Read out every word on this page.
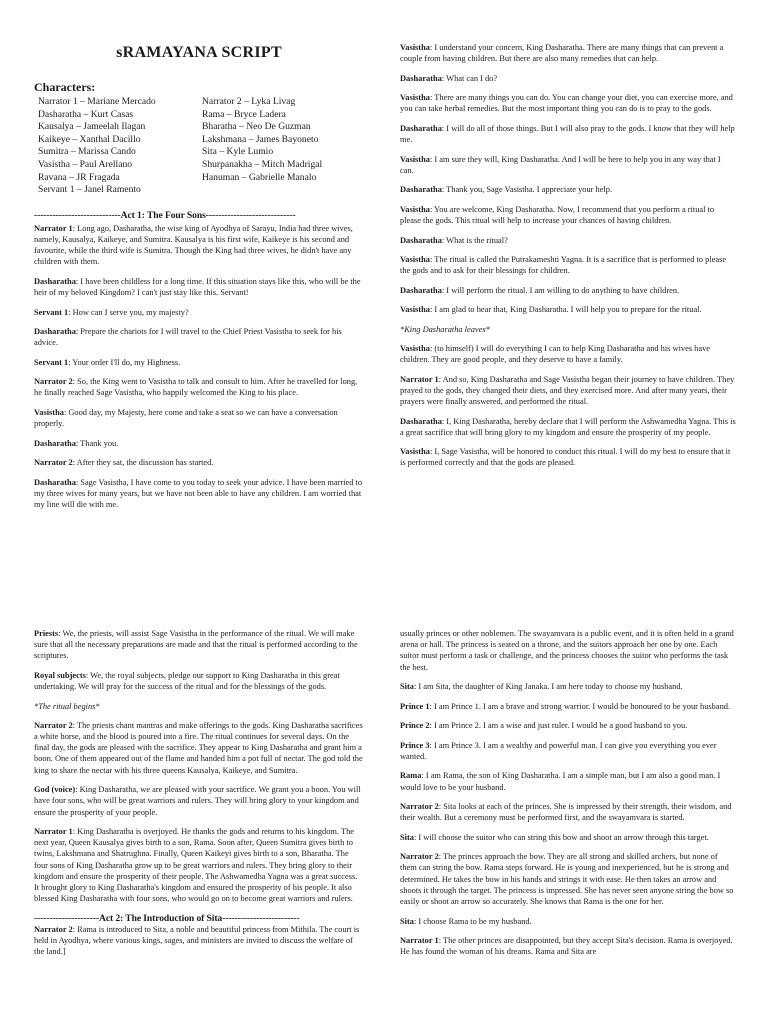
sRAMAYANA SCRIPT
Characters:
Narrator 1 – Mariane Mercado
Dasharatha – Kurt Casas
Kausalya – Jameelah Ilagan
Kaikeye – Xanthal Dacillo
Sumitra – Marissa Cando
Vasistha – Paul Arellano
Ravana – JR Fragada
Servant 1 – Janel Ramento
Narrator 2 – Lyka Livag
Rama – Bryce Ladera
Bharatha – Neo De Guzman
Lakshmana – James Bayoneto
Sita – Kyle Lumio
Shurpanakha – Mitch Madrigal
Hanuman – Gabrielle Manalo
----------------------------Act 1: The Four Sons-----------------------------

Narrator 1: Long ago, Dasharatha, the wise king of Ayodhya of Sarayu, India had three wives, namely, Kausalya, Kaikeye, and Sumitra. Kausalya is his first wife, Kaikeye is his second and favourite, while the third wife is Sumitra. Though the King had three wives, he didn't have any children with them.

Dasharatha: I have been childless for a long time. If this situation stays like this, who will be the heir of my beloved Kingdom? I can't just stay like this. Servant!

Servant 1: How can I serve you, my majesty?

Dasharatha: Prepare the chariots for I will travel to the Chief Priest Vasistha to seek for his advice.

Servant 1: Your order I'll do, my Highness.

Narrator 2: So, the King went to Vasistha to talk and consult to him. After he travelled for long, he finally reached Sage Vasistha, who happily welcomed the King to his place.

Vasistha: Good day, my Majesty, here come and take a seat so we can have a conversation properly.

Dasharatha: Thank you.

Narrator 2: After they sat, the discussion has started.

Dasharatha: Sage Vasistha, I have come to you today to seek your advice. I have been married to my three wives for many years, but we have not been able to have any children. I am worried that my line will die with me.

Vasistha: I understand your concern, King Dasharatha. There are many things that can prevent a couple from having children. But there are also many remedies that can help.

Dasharatha: What can I do?

Vasistha: There are many things you can do. You can change your diet, you can exercise more, and you can take herbal remedies. But the most important thing you can do is to pray to the gods.

Dasharatha: I will do all of those things. But I will also pray to the gods. I know that they will help me.

Vasistha: I am sure they will, King Dasharatha. And I will be here to help you in any way that I can.

Dasharatha: Thank you, Sage Vasistha. I appreciate your help.

Vasistha: You are welcome, King Dasharatha. Now, I recommend that you perform a ritual to please the gods. This ritual will help to increase your chances of having children.

Dasharatha: What is the ritual?

Vasistha: The ritual is called the Putrakameshti Yagna. It is a sacrifice that is performed to please the gods and to ask for their blessings for children.

Dasharatha: I will perform the ritual. I am willing to do anything to have children.

Vasistha: I am glad to hear that, King Dasharatha. I will help you to prepare for the ritual.

*King Dasharatha leaves*

Vasistha: (to himself) I will do everything I can to help King Dasharatha and his wives have children. They are good people, and they deserve to have a family.

Narrator 1: And so, King Dasharatha and Sage Vasistha began their journey to have children. They prayed to the gods, they changed their diets, and they exercised more. And after many years, their prayers were finally answered, and performed the ritual.

Dasharatha: I, King Dasharatha, hereby declare that I will perform the Ashwamedha Yagna. This is a great sacrifice that will bring glory to my kingdom and ensure the prosperity of my people.

Vasistha: I, Sage Vasistha, will be honored to conduct this ritual. I will do my best to ensure that it is performed correctly and that the gods are pleased.

Priests: We, the priests, will assist Sage Vasistha in the performance of the ritual. We will make sure that all the necessary preparations are made and that the ritual is performed according to the scriptures.

Royal subjects: We, the royal subjects, pledge our support to King Dasharatha in this great undertaking. We will pray for the success of the ritual and for the blessings of the gods.

*The ritual begins*

Narrator 2: The priests chant mantras and make offerings to the gods. King Dasharatha sacrifices a white horse, and the blood is poured into a fire. The ritual continues for several days. On the final day, the gods are pleased with the sacrifice. They appear to King Dasharatha and grant him a boon. One of them appeared out of the flame and handed him a pot full of nectar. The god told the king to share the nectar with his three queens Kausalya, Kaikeye, and Sumitra.

God (voice): King Dasharatha, we are pleased with your sacrifice. We grant you a boon. You will have four sons, who will be great warriors and rulers. They will bring glory to your kingdom and ensure the prosperity of your people.

Narrator 1: King Dasharatha is overjoyed. He thanks the gods and returns to his kingdom. The next year, Queen Kausalya gives birth to a son, Rama. Soon after, Queen Sumitra gives birth to twins, Lakshmana and Shatrughna. Finally, Queen Kaikeyi gives birth to a son, Bharatha. The four sons of King Dasharatha grow up to be great warriors and rulers. They bring glory to their kingdom and ensure the prosperity of their people. The Ashwamedha Yagna was a great success. It brought glory to King Dasharatha's kingdom and ensured the prosperity of his people. It also blessed King Dasharatha with four sons, who would go on to become great warriors and rulers.

---------------------Act 2: The Introduction of Sita-------------------------

Narrator 2: Rama is introduced to Sita, a noble and beautiful princess from Mithila. The court is held in Ayodhya, where various kings, sages, and ministers are invited to discuss the welfare of the land.]

usually princes or other noblemen. The swayamvara is a public event, and it is often held in a grand arena or hall. The princess is seated on a throne, and the suitors approach her one by one. Each suitor must perform a task or challenge, and the princess chooses the suitor who performs the task the best.

Sita: I am Sita, the daughter of King Janaka. I am here today to choose my husband.

Prince 1: I am Prince 1. I am a brave and strong warrior. I would be honoured to be your husband.

Prince 2: I am Prince 2. I am a wise and just ruler. I would be a good husband to you.

Prince 3: I am Prince 3. I am a wealthy and powerful man. I can give you everything you ever wanted.

Rama: I am Rama, the son of King Dasharatha. I am a simple man, but I am also a good man. I would love to be your husband.

Narrator 2: Sita looks at each of the princes. She is impressed by their strength, their wisdom, and their wealth. But a ceremony must be performed first, and the swayamvara is started.

Sita: I will choose the suitor who can string this bow and shoot an arrow through this target.

Narrator 2: The princes approach the bow. They are all strong and skilled archers, but none of them can string the bow. Rama steps forward. He is young and inexperienced, but he is strong and determined. He takes the bow in his hands and strings it with ease. He then takes an arrow and shoots it through the target. The princess is impressed. She has never seen anyone string the bow so easily or shoot an arrow so accurately. She knows that Rama is the one for her.

Sita: I choose Rama to be my husband.

Narrator 1: The other princes are disappointed, but they accept Sita's decision. Rama is overjoyed. He has found the woman of his dreams. Rama and Sita are
